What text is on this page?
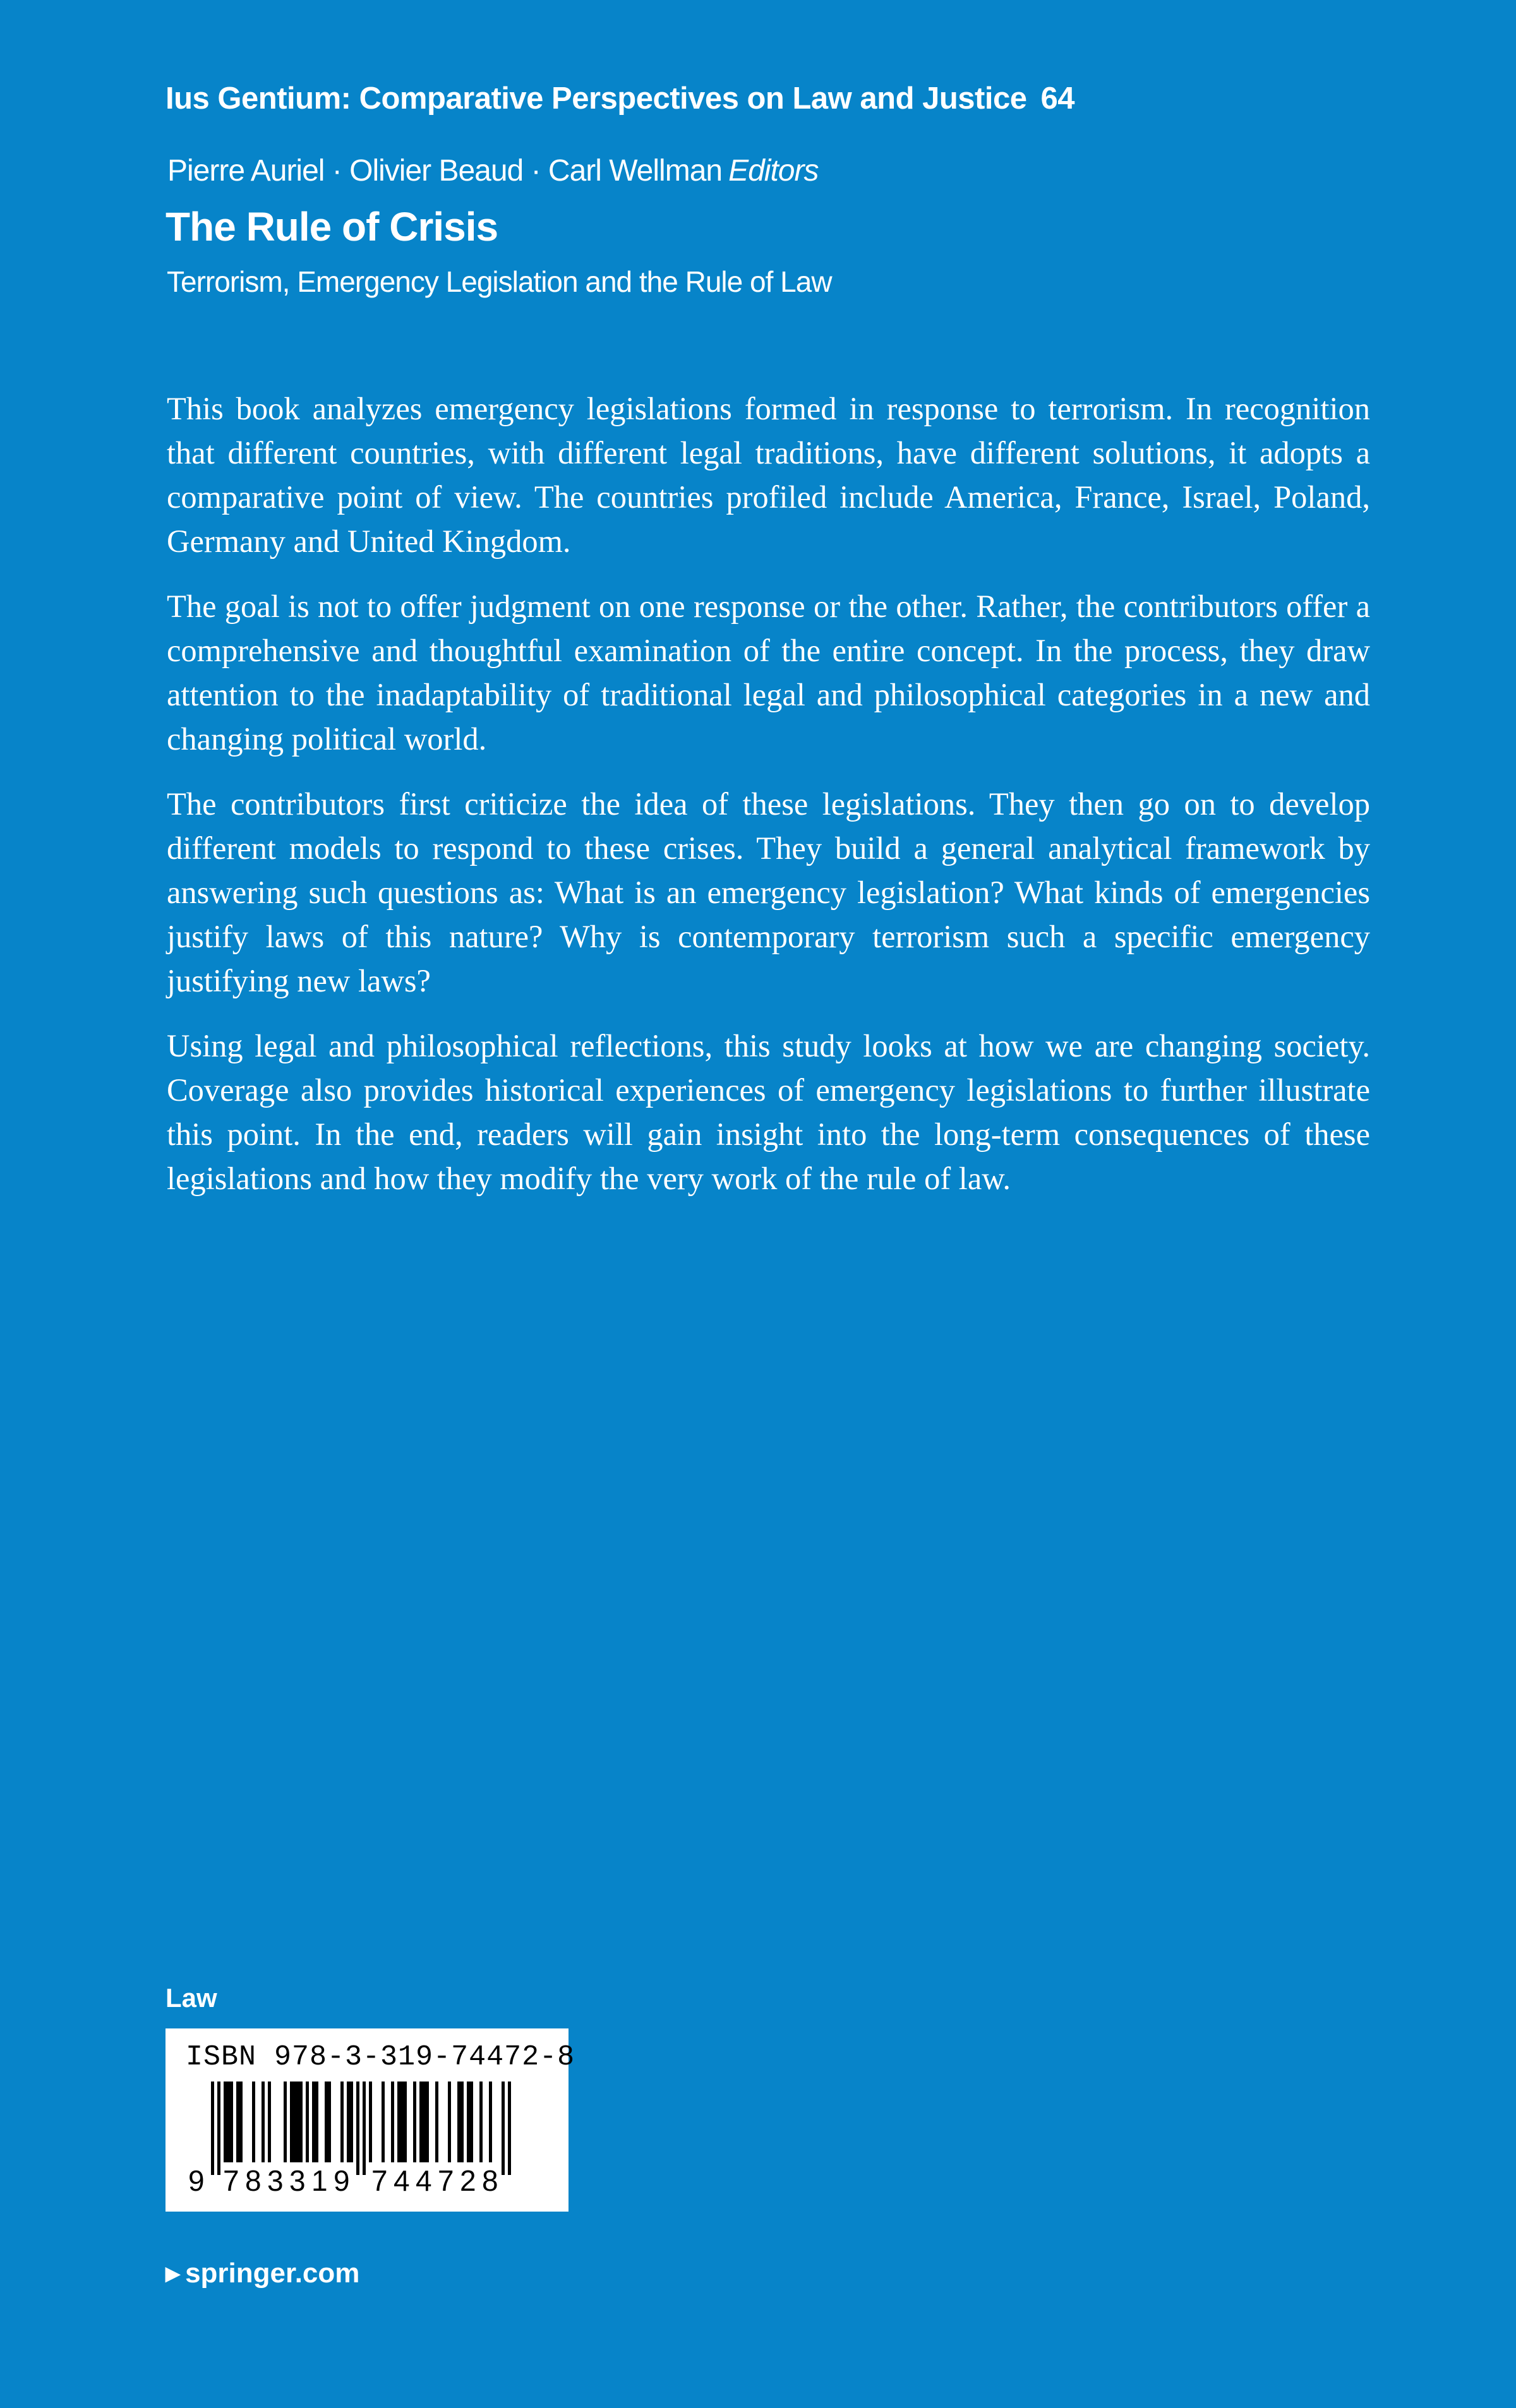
Ius Gentium: Comparative Perspectives on Law and Justice 64
Pierre Auriel · Olivier Beaud · Carl Wellman Editors
The Rule of Crisis
Terrorism, Emergency Legislation and the Rule of Law

This book analyzes emergency legislations formed in response to terrorism. In recognition that different countries, with different legal traditions, have different solutions, it adopts a comparative point of view. The countries profiled include America, France, Israel, Poland, Germany and United Kingdom.

The goal is not to offer judgment on one response or the other. Rather, the contributors offer a comprehensive and thoughtful examination of the entire concept. In the process, they draw attention to the inadaptability of traditional legal and philosophical categories in a new and changing political world.

The contributors first criticize the idea of these legislations. They then go on to develop different models to respond to these crises. They build a general analytical framework by answering such questions as: What is an emergency legislation? What kinds of emergencies justify laws of this nature? Why is contemporary terrorism such a specific emergency justifying new laws?

Using legal and philosophical reflections, this study looks at how we are changing society. Coverage also provides historical experiences of emergency legislations to further illustrate this point. In the end, readers will gain insight into the long-term consequences of these legislations and how they modify the very work of the rule of law.

Law
ISBN 978-3-319-74472-8
9 7 8 3 3 1 9 7 4 4 7 2 8
▶ springer.com
